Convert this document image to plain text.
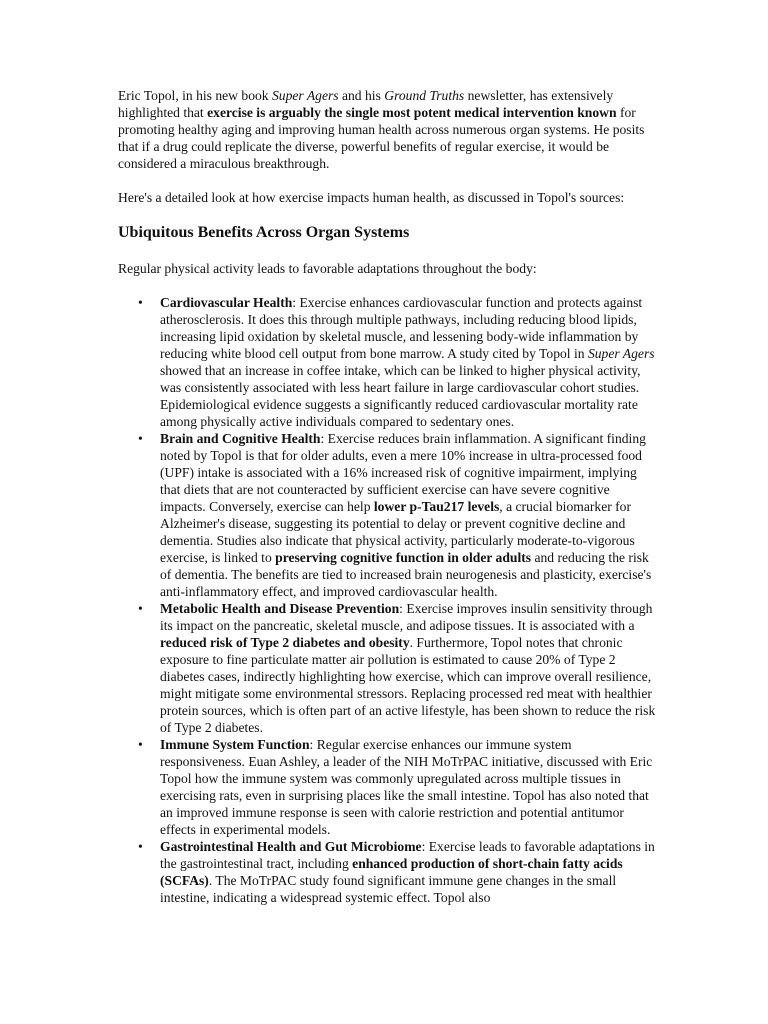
Eric Topol, in his new book Super Agers and his Ground Truths newsletter, has extensively highlighted that exercise is arguably the single most potent medical intervention known for promoting healthy aging and improving human health across numerous organ systems. He posits that if a drug could replicate the diverse, powerful benefits of regular exercise, it would be considered a miraculous breakthrough.

Here's a detailed look at how exercise impacts human health, as discussed in Topol's sources:

Ubiquitous Benefits Across Organ Systems

Regular physical activity leads to favorable adaptations throughout the body:

• Cardiovascular Health: Exercise enhances cardiovascular function and protects against atherosclerosis. It does this through multiple pathways, including reducing blood lipids, increasing lipid oxidation by skeletal muscle, and lessening body-wide inflammation by reducing white blood cell output from bone marrow. A study cited by Topol in Super Agers showed that an increase in coffee intake, which can be linked to higher physical activity, was consistently associated with less heart failure in large cardiovascular cohort studies. Epidemiological evidence suggests a significantly reduced cardiovascular mortality rate among physically active individuals compared to sedentary ones.
• Brain and Cognitive Health: Exercise reduces brain inflammation. A significant finding noted by Topol is that for older adults, even a mere 10% increase in ultra-processed food (UPF) intake is associated with a 16% increased risk of cognitive impairment, implying that diets that are not counteracted by sufficient exercise can have severe cognitive impacts. Conversely, exercise can help lower p-Tau217 levels, a crucial biomarker for Alzheimer's disease, suggesting its potential to delay or prevent cognitive decline and dementia. Studies also indicate that physical activity, particularly moderate-to-vigorous exercise, is linked to preserving cognitive function in older adults and reducing the risk of dementia. The benefits are tied to increased brain neurogenesis and plasticity, exercise's anti-inflammatory effect, and improved cardiovascular health.
• Metabolic Health and Disease Prevention: Exercise improves insulin sensitivity through its impact on the pancreatic, skeletal muscle, and adipose tissues. It is associated with a reduced risk of Type 2 diabetes and obesity. Furthermore, Topol notes that chronic exposure to fine particulate matter air pollution is estimated to cause 20% of Type 2 diabetes cases, indirectly highlighting how exercise, which can improve overall resilience, might mitigate some environmental stressors. Replacing processed red meat with healthier protein sources, which is often part of an active lifestyle, has been shown to reduce the risk of Type 2 diabetes.
• Immune System Function: Regular exercise enhances our immune system responsiveness. Euan Ashley, a leader of the NIH MoTrPAC initiative, discussed with Eric Topol how the immune system was commonly upregulated across multiple tissues in exercising rats, even in surprising places like the small intestine. Topol has also noted that an improved immune response is seen with calorie restriction and potential antitumor effects in experimental models.
• Gastrointestinal Health and Gut Microbiome: Exercise leads to favorable adaptations in the gastrointestinal tract, including enhanced production of short-chain fatty acids (SCFAs). The MoTrPAC study found significant immune gene changes in the small intestine, indicating a widespread systemic effect. Topol also
